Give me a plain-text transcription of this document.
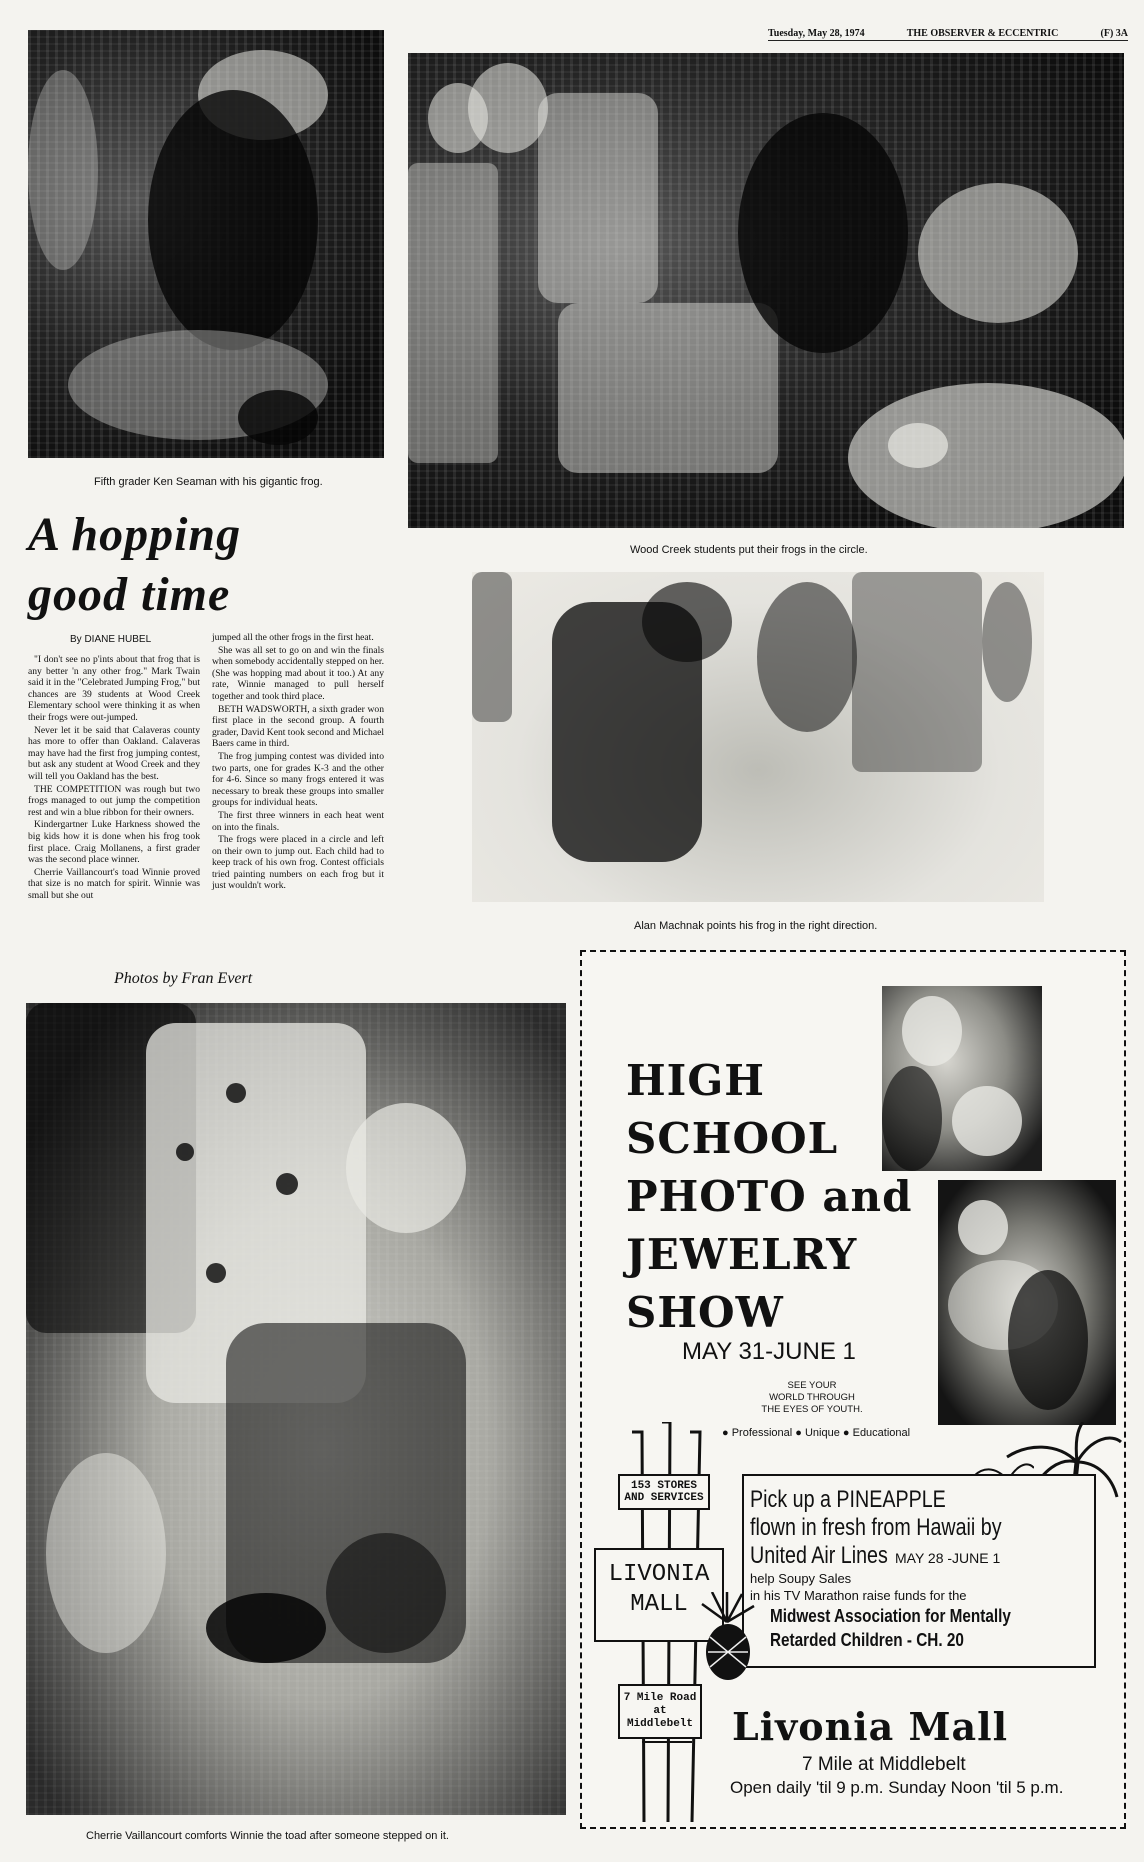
Tuesday, May 28, 1974	THE OBSERVER & ECCENTRIC	(F) 3A
Fifth grader Ken Seaman with his gigantic frog.
Wood Creek students put their frogs in the circle.
A hopping
good time
By DIANE HUBEL

"I don't see no p'ints about that frog that is any better 'n any other frog." Mark Twain said it in the "Celebrated Jumping Frog," but chances are 39 students at Wood Creek Elementary school were thinking it as when their frogs were out-jumped.

Never let it be said that Calaveras county has more to offer than Oakland. Calaveras may have had the first frog jumping contest, but ask any student at Wood Creek and they will tell you Oakland has the best.

THE COMPETITION was rough but two frogs managed to out jump the competition rest and win a blue ribbon for their owners.

Kindergartner Luke Harkness showed the big kids how it is done when his frog took first place. Craig Mollanens, a first grader was the second place winner.

Cherrie Vaillancourt's toad Winnie proved that size is no match for spirit. Winnie was small but she out

jumped all the other frogs in the first heat.

She was all set to go on and win the finals when somebody accidentally stepped on her. (She was hopping mad about it too.) At any rate, Winnie managed to pull herself together and took third place.

BETH WADSWORTH, a sixth grader won first place in the second group. A fourth grader, David Kent took second and Michael Baers came in third.

The frog jumping contest was divided into two parts, one for grades K-3 and the other for 4-6. Since so many frogs entered it was necessary to break these groups into smaller groups for individual heats.

The first three winners in each heat went on into the finals.

The frogs were placed in a circle and left on their own to jump out. Each child had to keep track of his own frog. Contest officials tried painting numbers on each frog but it just wouldn't work.

Alan Machnak points his frog in the right direction.
Photos by Fran Evert
Cherrie Vaillancourt comforts Winnie the toad after someone stepped on it.
HIGH
SCHOOL
PHOTO and
JEWELRY
SHOW
MAY 31-JUNE 1
SEE YOUR
WORLD THROUGH
THE EYES OF YOUTH.
● Professional ● Unique ● Educational
Pick up a PINEAPPLE
flown in fresh from Hawaii by
United Air Lines MAY 28 -JUNE 1
help Soupy Sales
in his TV Marathon raise funds for the
Midwest Association for Mentally
Retarded Children - CH. 20
153 STORES
AND SERVICES
LIVONIA
MALL
7 Mile Road
at Middlebelt Livonia Mall
7 Mile at Middlebelt
Open daily 'til 9 p.m. Sunday Noon 'til 5 p.m.
